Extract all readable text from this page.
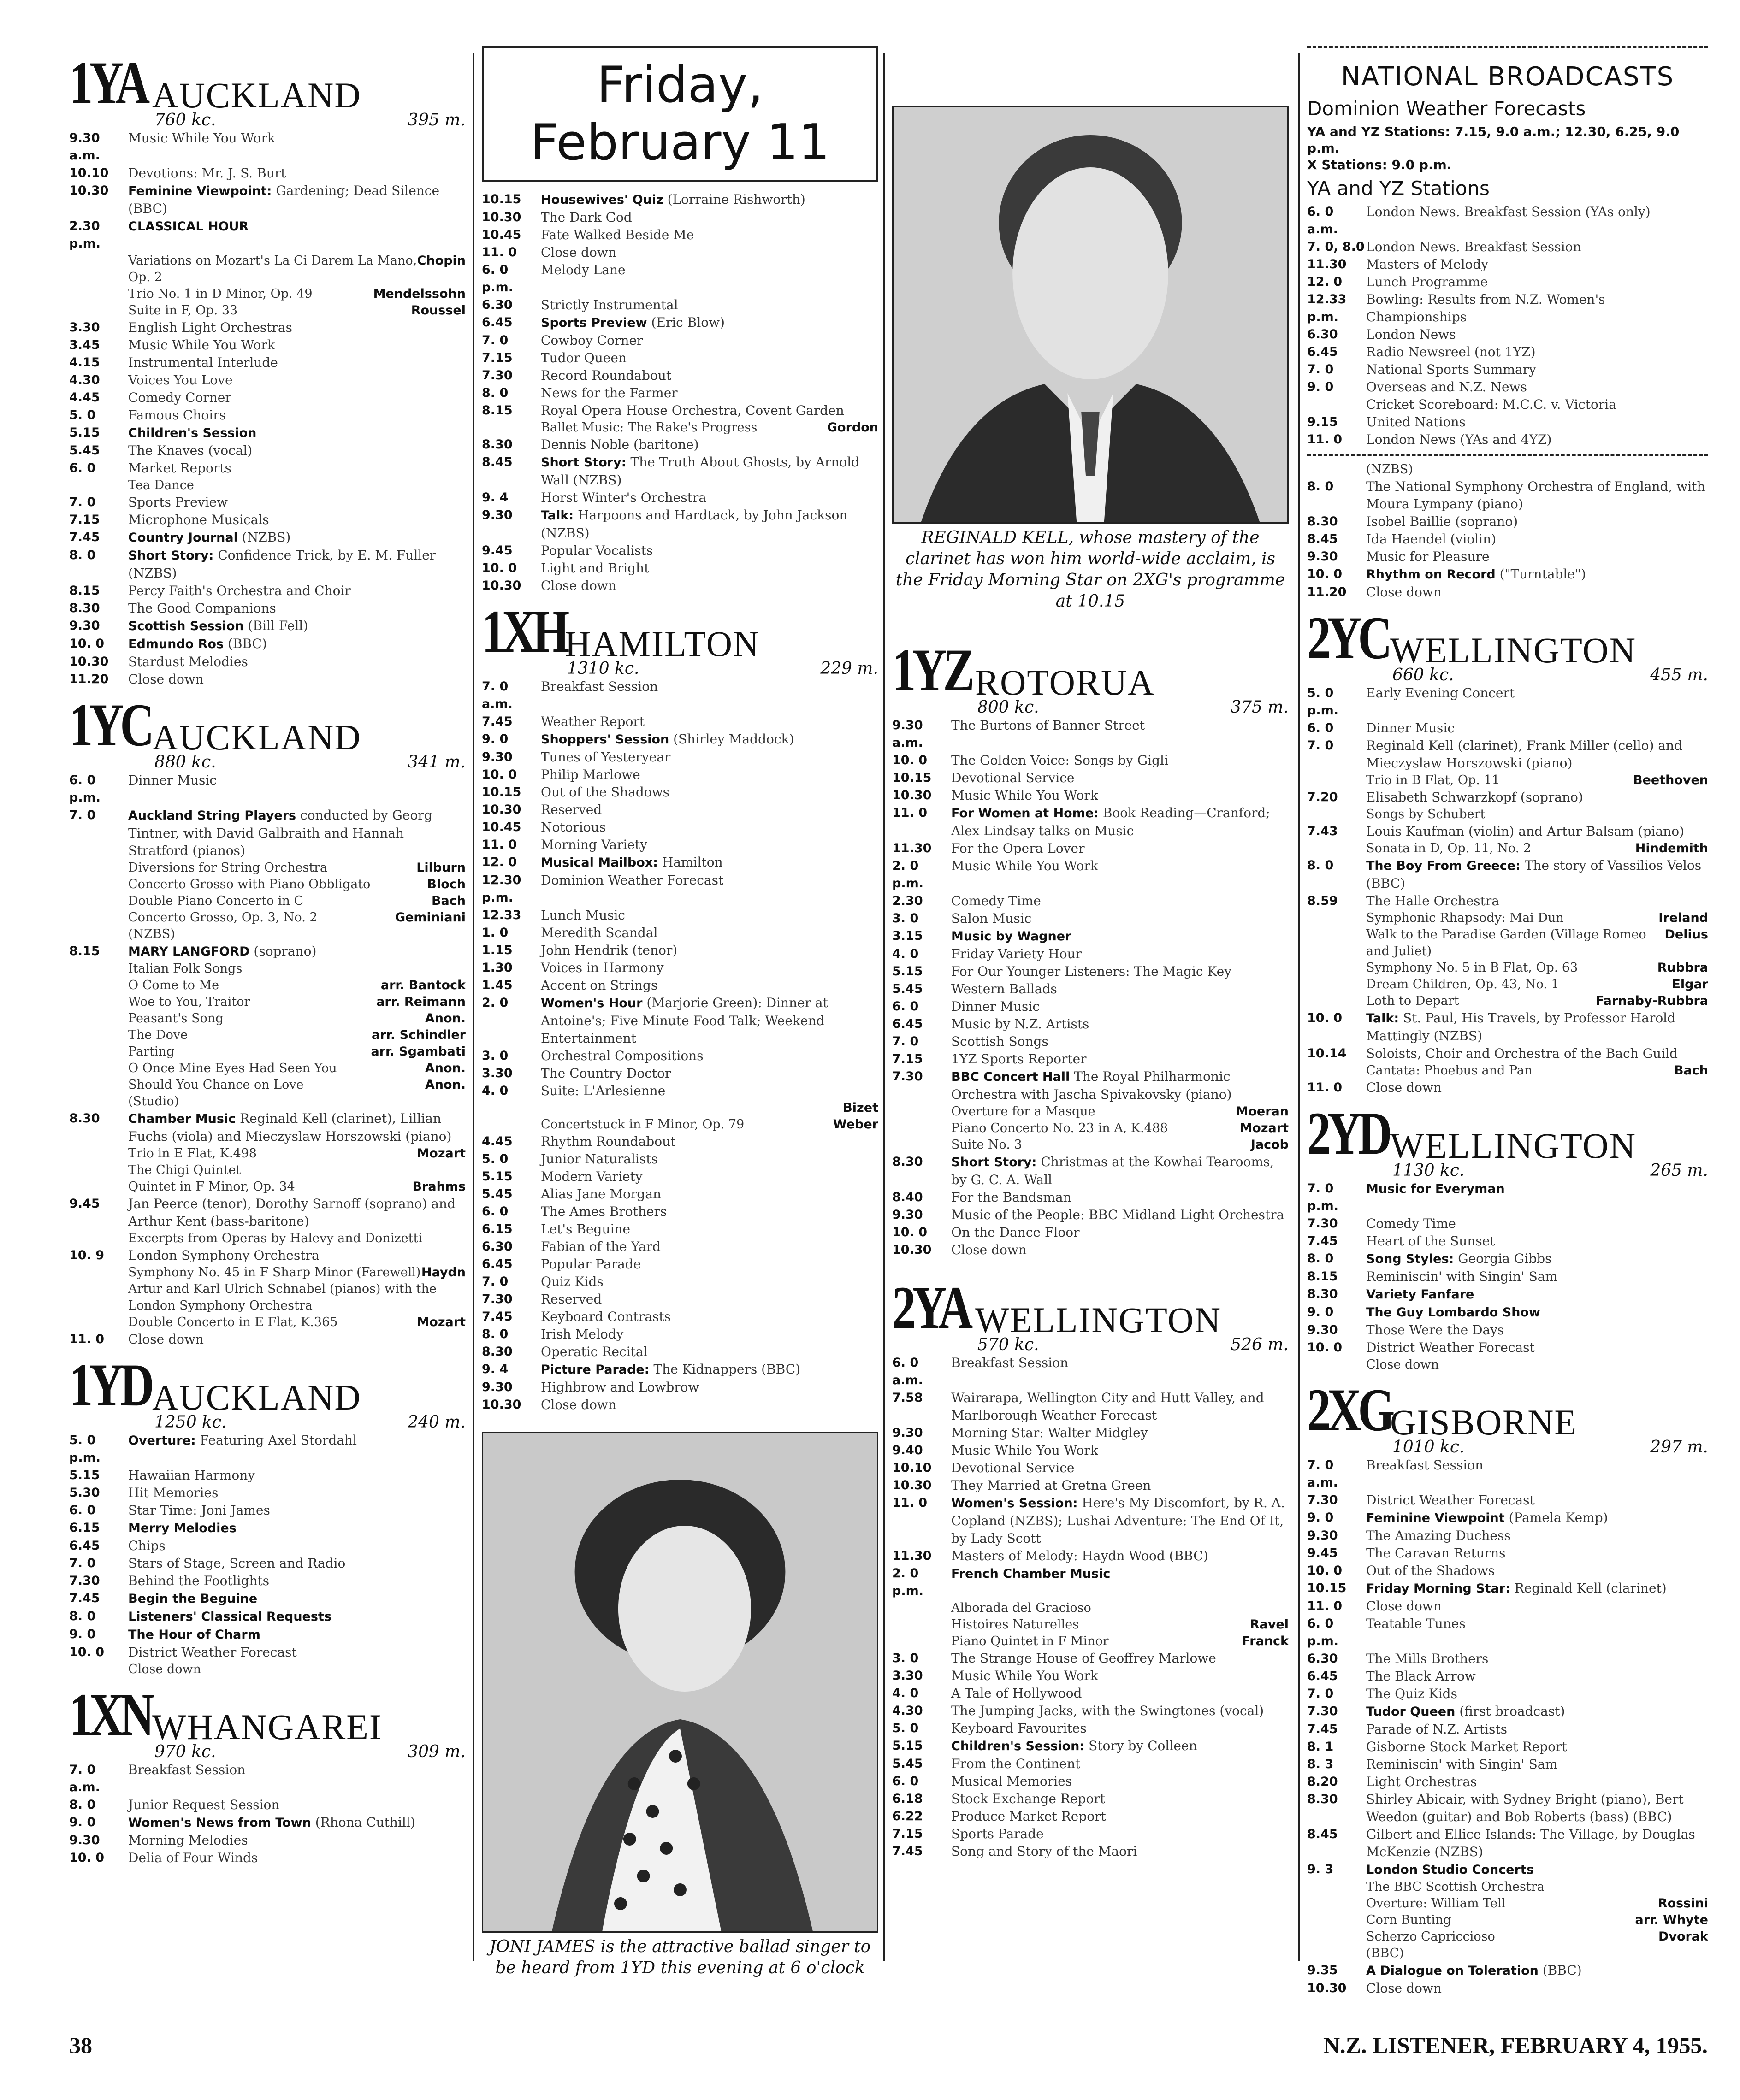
1YA AUCKLAND
760 kc.	395 m.
9.30 a.m.
Music While You Work
10.10	Devotions: Mr. J. S. Burt
10.30	Feminine Viewpoint: Gardening; Dead Silence (BBC)
2.30 p.m.
CLASSICAL HOUR
Variations on Mozart's La Ci Darem La Mano, Op. 2
Chopin
Trio No. 1 in D Minor, Op. 49	Mendelssohn
Suite in F, Op. 33	Roussel
3.30	English Light Orchestras
3.45	Music While You Work
4.15	Instrumental Interlude
4.30	Voices You Love
4.45	Comedy Corner
5. 0	Famous Choirs
5.15	Children's Session
5.45	The Knaves (vocal)
6. 0	Market Reports
Tea Dance
7. 0	Sports Preview
7.15	Microphone Musicals
7.45	Country Journal (NZBS)
8. 0	Short Story: Confidence Trick, by E. M. Fuller (NZBS)
8.15	Percy Faith's Orchestra and Choir
8.30	The Good Companions
9.30	Scottish Session (Bill Fell)
10. 0	Edmundo Ros (BBC)
10.30	Stardust Melodies
11.20	Close down
1YC AUCKLAND
880 kc.	341 m.
6. 0 p.m.
Dinner Music
7. 0	Auckland String Players conducted by Georg Tintner, with David Galbraith and Hannah Stratford (pianos)
Diversions for String Orchestra	Lilburn
Concerto Grosso with Piano Obbligato	Bloch
Double Piano Concerto in C	Bach
Concerto Grosso, Op. 3, No. 2	Geminiani
(NZBS)
8.15	MARY LANGFORD (soprano)
Italian Folk Songs
O Come to Me	arr. Bantock
Woe to You, Traitor	arr. Reimann
Peasant's Song	Anon.
The Dove	arr. Schindler
Parting	arr. Sgambati
O Once Mine Eyes Had Seen You	Anon.
Should You Chance on Love	Anon.
(Studio)
8.30	Chamber Music Reginald Kell (clarinet), Lillian Fuchs (viola) and Mieczyslaw Horszowski (piano)
Trio in E Flat, K.498	Mozart
The Chigi Quintet
Quintet in F Minor, Op. 34	Brahms
9.45	Jan Peerce (tenor), Dorothy Sarnoff (soprano) and Arthur Kent (bass-baritone)
Excerpts from Operas by Halevy and Donizetti
10. 9	London Symphony Orchestra
Symphony No. 45 in F Sharp Minor (Farewell) Haydn
Artur and Karl Ulrich Schnabel (pianos) with the London Symphony Orchestra
Double Concerto in E Flat, K.365	Mozart
11. 0	Close down
1YD AUCKLAND
1250 kc.	240 m.
5. 0 p.m.
Overture: Featuring Axel Stordahl
5.15	Hawaiian Harmony
5.30	Hit Memories
6. 0	Star Time: Joni James
6.15	Merry Melodies
6.45	Chips
7. 0	Stars of Stage, Screen and Radio
7.30	Behind the Footlights
7.45	Begin the Beguine
8. 0	Listeners' Classical Requests
9. 0	The Hour of Charm
10. 0	District Weather Forecast
Close down
1XN WHANGAREI
970 kc.	309 m.
7. 0 a.m.
Breakfast Session
8. 0	Junior Request Session
9. 0	Women's News from Town (Rhona Cuthill)
9.30	Morning Melodies
10. 0	Delia of Four Winds
Friday, February 11
10.15	Housewives' Quiz (Lorraine Rishworth)
10.30	The Dark God
10.45	Fate Walked Beside Me
11. 0	Close down
6. 0 p.m.
Melody Lane
6.30	Strictly Instrumental
6.45	Sports Preview (Eric Blow)
7. 0	Cowboy Corner
7.15	Tudor Queen
7.30	Record Roundabout
8. 0	News for the Farmer
8.15	Royal Opera House Orchestra, Covent Garden
Ballet Music: The Rake's Progress	Gordon
8.30	Dennis Noble (baritone)
8.45	Short Story: The Truth About Ghosts, by Arnold Wall (NZBS)
9. 4	Horst Winter's Orchestra
9.30	Talk: Harpoons and Hardtack, by John Jackson (NZBS)
9.45	Popular Vocalists
10. 0	Light and Bright
10.30	Close down
1XH
HAMILTON
1310 kc.	229 m.
7. 0 a.m.
Breakfast Session
7.45	Weather Report
9. 0	Shoppers' Session (Shirley Maddock)
9.30	Tunes of Yesteryear
10. 0	Philip Marlowe
10.15	Out of the Shadows
10.30	Reserved
10.45	Notorious
11. 0	Morning Variety
12. 0	Musical Mailbox: Hamilton
12.30 p.m.
Dominion Weather Forecast
12.33	Lunch Music
1. 0	Meredith Scandal
1.15	John Hendrik (tenor)
1.30	Voices in Harmony
1.45	Accent on Strings
2. 0	Women's Hour (Marjorie Green): Dinner at Antoine's; Five Minute Food Talk; Weekend Entertainment
3. 0	Orchestral Compositions
3.30	The Country Doctor
4. 0	Suite: L'Arlesienne
Bizet
Concertstuck in F Minor, Op. 79	Weber
4.45	Rhythm Roundabout
5. 0	Junior Naturalists
5.15	Modern Variety
5.45	Alias Jane Morgan
6. 0	The Ames Brothers
6.15	Let's Beguine
6.30	Fabian of the Yard
6.45	Popular Parade
7. 0	Quiz Kids
7.30	Reserved
7.45	Keyboard Contrasts
8. 0	Irish Melody
8.30	Operatic Recital
9. 4	Picture Parade: The Kidnappers (BBC)
9.30	Highbrow and Lowbrow
10.30	Close down
JONI JAMES is the attractive ballad singer to be heard from 1YD this evening at 6 o'clock
REGINALD KELL, whose mastery of the clarinet has won him world-wide acclaim, is the Friday Morning Star on 2XG's programme at 10.15
1YZ ROTORUA
800 kc.	375 m.
9.30 a.m.
The Burtons of Banner Street
10. 0	The Golden Voice: Songs by Gigli
10.15	Devotional Service
10.30	Music While You Work
11. 0	For Women at Home: Book Reading—Cranford; Alex Lindsay talks on Music
11.30	For the Opera Lover
2. 0 p.m.
Music While You Work
2.30	Comedy Time
3. 0	Salon Music
3.15	Music by Wagner
4. 0	Friday Variety Hour
5.15	For Our Younger Listeners: The Magic Key
5.45	Western Ballads
6. 0	Dinner Music
6.45	Music by N.Z. Artists
7. 0	Scottish Songs
7.15	1YZ Sports Reporter
7.30	BBC Concert Hall The Royal Philharmonic Orchestra with Jascha Spivakovsky (piano)
Overture for a Masque	Moeran
Piano Concerto No. 23 in A, K.488	Mozart
Suite No. 3	Jacob
8.30	Short Story: Christmas at the Kowhai Tearooms, by G. C. A. Wall
8.40	For the Bandsman
9.30	Music of the People: BBC Midland Light Orchestra
10. 0	On the Dance Floor
10.30	Close down
2YA WELLINGTON
570 kc.	526 m.
6. 0 a.m.
Breakfast Session
7.58	Wairarapa, Wellington City and Hutt Valley, and Marlborough Weather Forecast
9.30	Morning Star: Walter Midgley
9.40	Music While You Work
10.10	Devotional Service
10.30	They Married at Gretna Green
11. 0	Women's Session: Here's My Discomfort, by R. A. Copland (NZBS); Lushai Adventure: The End Of It, by Lady Scott
11.30	Masters of Melody: Haydn Wood (BBC)
2. 0 p.m.
French Chamber Music
Alborada del Gracioso
Histoires Naturelles	Ravel
Piano Quintet in F Minor	Franck
3. 0	The Strange House of Geoffrey Marlowe
3.30	Music While You Work
4. 0	A Tale of Hollywood
4.30	The Jumping Jacks, with the Swingtones (vocal)
5. 0	Keyboard Favourites
5.15	Children's Session: Story by Colleen
5.45	From the Continent
6. 0	Musical Memories
6.18	Stock Exchange Report
6.22	Produce Market Report
7.15	Sports Parade
7.45	Song and Story of the Maori
NATIONAL BROADCASTS
Dominion Weather Forecasts
YA and YZ Stations: 7.15, 9.0 a.m.; 12.30, 6.25, 9.0 p.m.
X Stations: 9.0 p.m.
YA and YZ Stations
6. 0 a.m.
London News. Breakfast Session (YAs only)
7. 0, 8.0 London News. Breakfast Session
11.30	Masters of Melody
12. 0	Lunch Programme
12.33 p.m.
Bowling: Results from N.Z. Women's Championships
6.30	London News
6.45	Radio Newsreel (not 1YZ)
7. 0	National Sports Summary
9. 0	Overseas and N.Z. News
Cricket Scoreboard: M.C.C. v. Victoria
9.15	United Nations
11. 0	London News (YAs and 4YZ)
(NZBS)
8. 0	The National Symphony Orchestra of England, with Moura Lympany (piano)
8.30	Isobel Baillie (soprano)
8.45	Ida Haendel (violin)
9.30	Music for Pleasure
10. 0	Rhythm on Record ("Turntable")
11.20	Close down
2YC WELLINGTON
660 kc.	455 m.
5. 0 p.m.
Early Evening Concert
6. 0	Dinner Music
7. 0	Reginald Kell (clarinet), Frank Miller (cello) and Mieczyslaw Horszowski (piano)
Trio in B Flat, Op. 11	Beethoven
7.20	Elisabeth Schwarzkopf (soprano)
Songs by Schubert
7.43	Louis Kaufman (violin) and Artur Balsam (piano)
Sonata in D, Op. 11, No. 2	Hindemith
8. 0	The Boy From Greece: The story of Vassilios Velos (BBC)
8.59	The Halle Orchestra
Symphonic Rhapsody: Mai Dun	Ireland
Walk to the Paradise Garden (Village Romeo and Juliet)
Delius
Symphony No. 5 in B Flat, Op. 63	Rubbra
Dream Children, Op. 43, No. 1	Elgar
Loth to Depart	Farnaby-Rubbra
10. 0	Talk: St. Paul, His Travels, by Professor Harold Mattingly (NZBS)
10.14	Soloists, Choir and Orchestra of the Bach Guild
Cantata: Phoebus and Pan	Bach
11. 0	Close down
2YD WELLINGTON
1130 kc.	265 m.
7. 0 p.m.
Music for Everyman
7.30	Comedy Time
7.45	Heart of the Sunset
8. 0	Song Styles: Georgia Gibbs
8.15	Reminiscin' with Singin' Sam
8.30	Variety Fanfare
9. 0	The Guy Lombardo Show
9.30	Those Were the Days
10. 0	District Weather Forecast
Close down
2XG
GISBORNE
1010 kc.	297 m.
7. 0 a.m.
Breakfast Session
7.30	District Weather Forecast
9. 0	Feminine Viewpoint (Pamela Kemp)
9.30	The Amazing Duchess
9.45	The Caravan Returns
10. 0	Out of the Shadows
10.15	Friday Morning Star: Reginald Kell (clarinet)
11. 0	Close down
6. 0 p.m.
Teatable Tunes
6.30	The Mills Brothers
6.45	The Black Arrow
7. 0	The Quiz Kids
7.30	Tudor Queen (first broadcast)
7.45	Parade of N.Z. Artists
8. 1	Gisborne Stock Market Report
8. 3	Reminiscin' with Singin' Sam
8.20	Light Orchestras
8.30	Shirley Abicair, with Sydney Bright (piano), Bert Weedon (guitar) and Bob Roberts (bass) (BBC)
8.45	Gilbert and Ellice Islands: The Village, by Douglas McKenzie (NZBS)
9. 3	London Studio Concerts
The BBC Scottish Orchestra
Overture: William Tell	Rossini
Corn Bunting	arr. Whyte
Scherzo Capriccioso	Dvorak
(BBC)
9.35	A Dialogue on Toleration (BBC)
10.30	Close down
38	N.Z. LISTENER, FEBRUARY 4, 1955.
